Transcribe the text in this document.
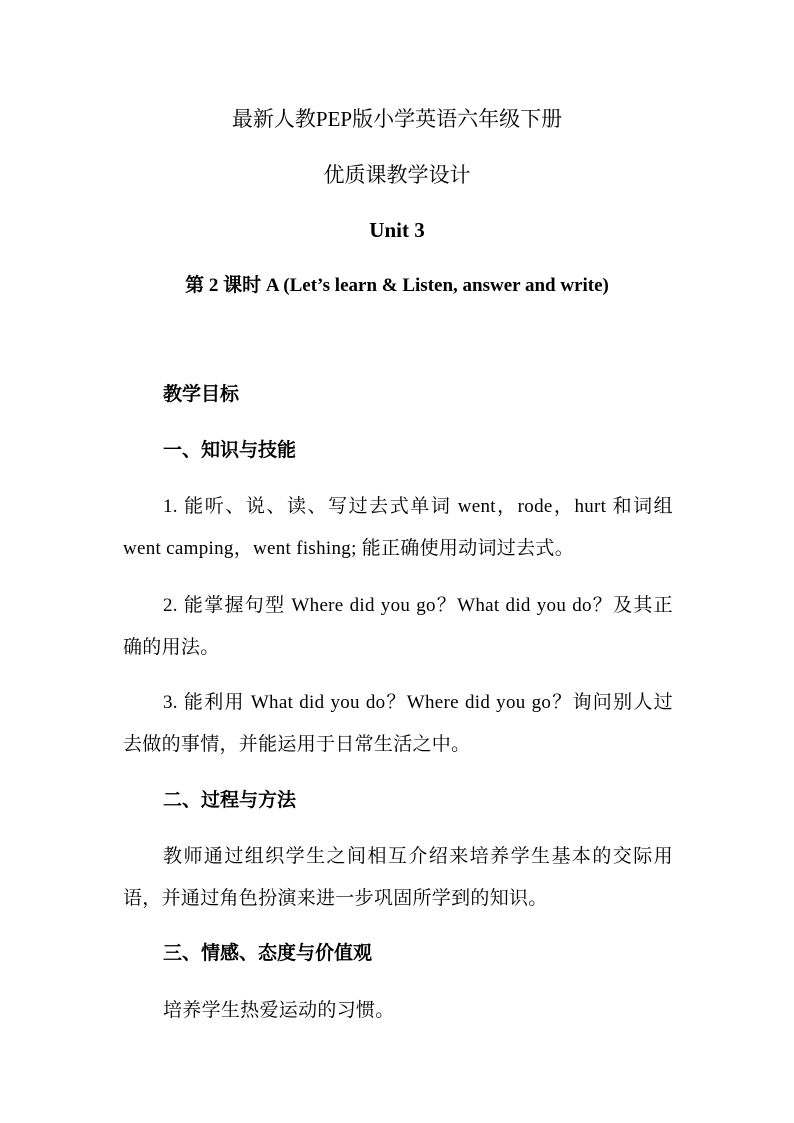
最新人教PEP版小学英语六年级下册
优质课教学设计
Unit 3
第 2 课时 A (Let’s learn & Listen, answer and write)
教学目标
一、知识与技能
1. 能听、说、读、写过去式单词 went，rode，hurt 和词组 went camping，went fishing; 能正确使用动词过去式。
2. 能掌握句型 Where did you go？What did you do？及其正确的用法。
3. 能利用 What did you do？Where did you go？询问别人过去做的事情，并能运用于日常生活之中。
二、过程与方法
教师通过组织学生之间相互介绍来培养学生基本的交际用语，并通过角色扮演来进一步巩固所学到的知识。
三、情感、态度与价值观
培养学生热爱运动的习惯。
